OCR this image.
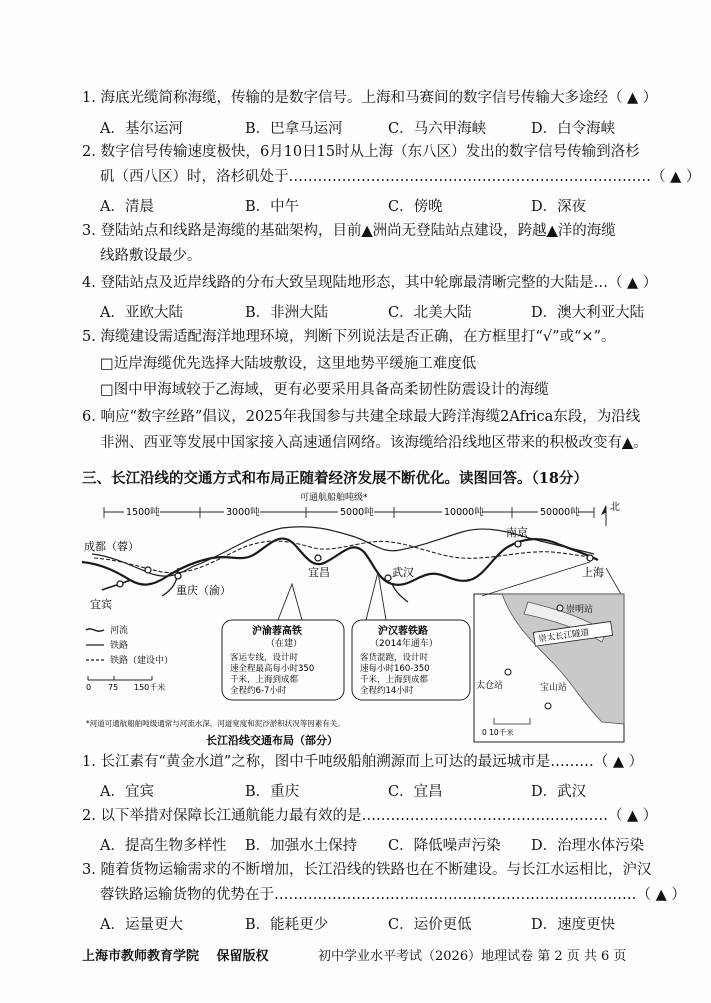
1. 海底光缆简称海缆，传输的是数字信号。上海和马赛间的数字信号传输大多途经（ ▲ ）
A．基尔运河	B．巴拿马运河	C．马六甲海峡	D．白令海峡
2. 数字信号传输速度极快，6月10日15时从上海（东八区）发出的数字信号传输到洛杉
矶（西八区）时，洛杉矶处于…………………………………………………………………（ ▲ ）
A．清晨	B．中午	C．傍晚	D．深夜
3. 登陆站点和线路是海缆的基础架构，目前▲洲尚无登陆站点建设，跨越▲洋的海缆
线路敷设最少。
4. 登陆站点及近岸线路的分布大致呈现陆地形态，其中轮廓最清晰完整的大陆是…（ ▲ ）
A．亚欧大陆	B．非洲大陆	C．北美大陆	D．澳大利亚大陆
5. 海缆建设需适配海洋地理环境，判断下列说法是否正确，在方框里打“√”或“×”。
□近岸海缆优先选择大陆坡敷设，这里地势平缓施工难度低
□图中甲海域较于乙海域，更有必要采用具备高柔韧性防震设计的海缆
6. 响应“数字丝路”倡议，2025年我国参与共建全球最大跨洋海缆2Africa东段，为沿线
非洲、西亚等发展中国家接入高速通信网络。该海缆给沿线地区带来的积极改变有▲。
三、长江沿线的交通方式和布局正随着经济发展不断优化。读图回答。（18分）
可通航船舶吨级*
1500吨	3000吨	5000吨	10000吨	50000吨	北
成都（蓉）
重庆（渝）
宜宾
宜昌	武汉
南京
上海
沪渝蓉高铁
（在建）
客运专线，设计时
速全程最高每小时350
千米，上海到成都
全程约6-7小时
沪汉蓉铁路
（2014年通车）
客货混跑，设计时
速每小时160-350
千米，上海到成都
全程约14小时
河流
铁路
铁路（建设中）
0 75 150千米
崇太长江隧道
崇明站
太仓站	宝山站
0 10千米
*河道可通航船舶吨级通常与河流水深、河道宽度和泥沙淤积状况等因素有关。
长江沿线交通布局（部分）
1. 长江素有“黄金水道”之称，图中千吨级船舶溯源而上可达的最远城市是………（ ▲ ）
A．宜宾	B．重庆	C．宜昌	D．武汉
2. 以下举措对保障长江通航能力最有效的是……………………………………………（ ▲ ）
A．提高生物多样性 B．加强水土保持 C．降低噪声污染 D．治理水体污染
3. 随着货物运输需求的不断增加，长江沿线的铁路也在不断建设。与长江水运相比，沪汉
蓉铁路运输货物的优势在于…………………………………………………………………（ ▲ ）
A．运量更大	B．能耗更少	C．运价更低	D．速度更快
上海市教师教育学院　 保留版权	初中学业水平考试（2026）地理试卷 第 2 页 共 6 页
